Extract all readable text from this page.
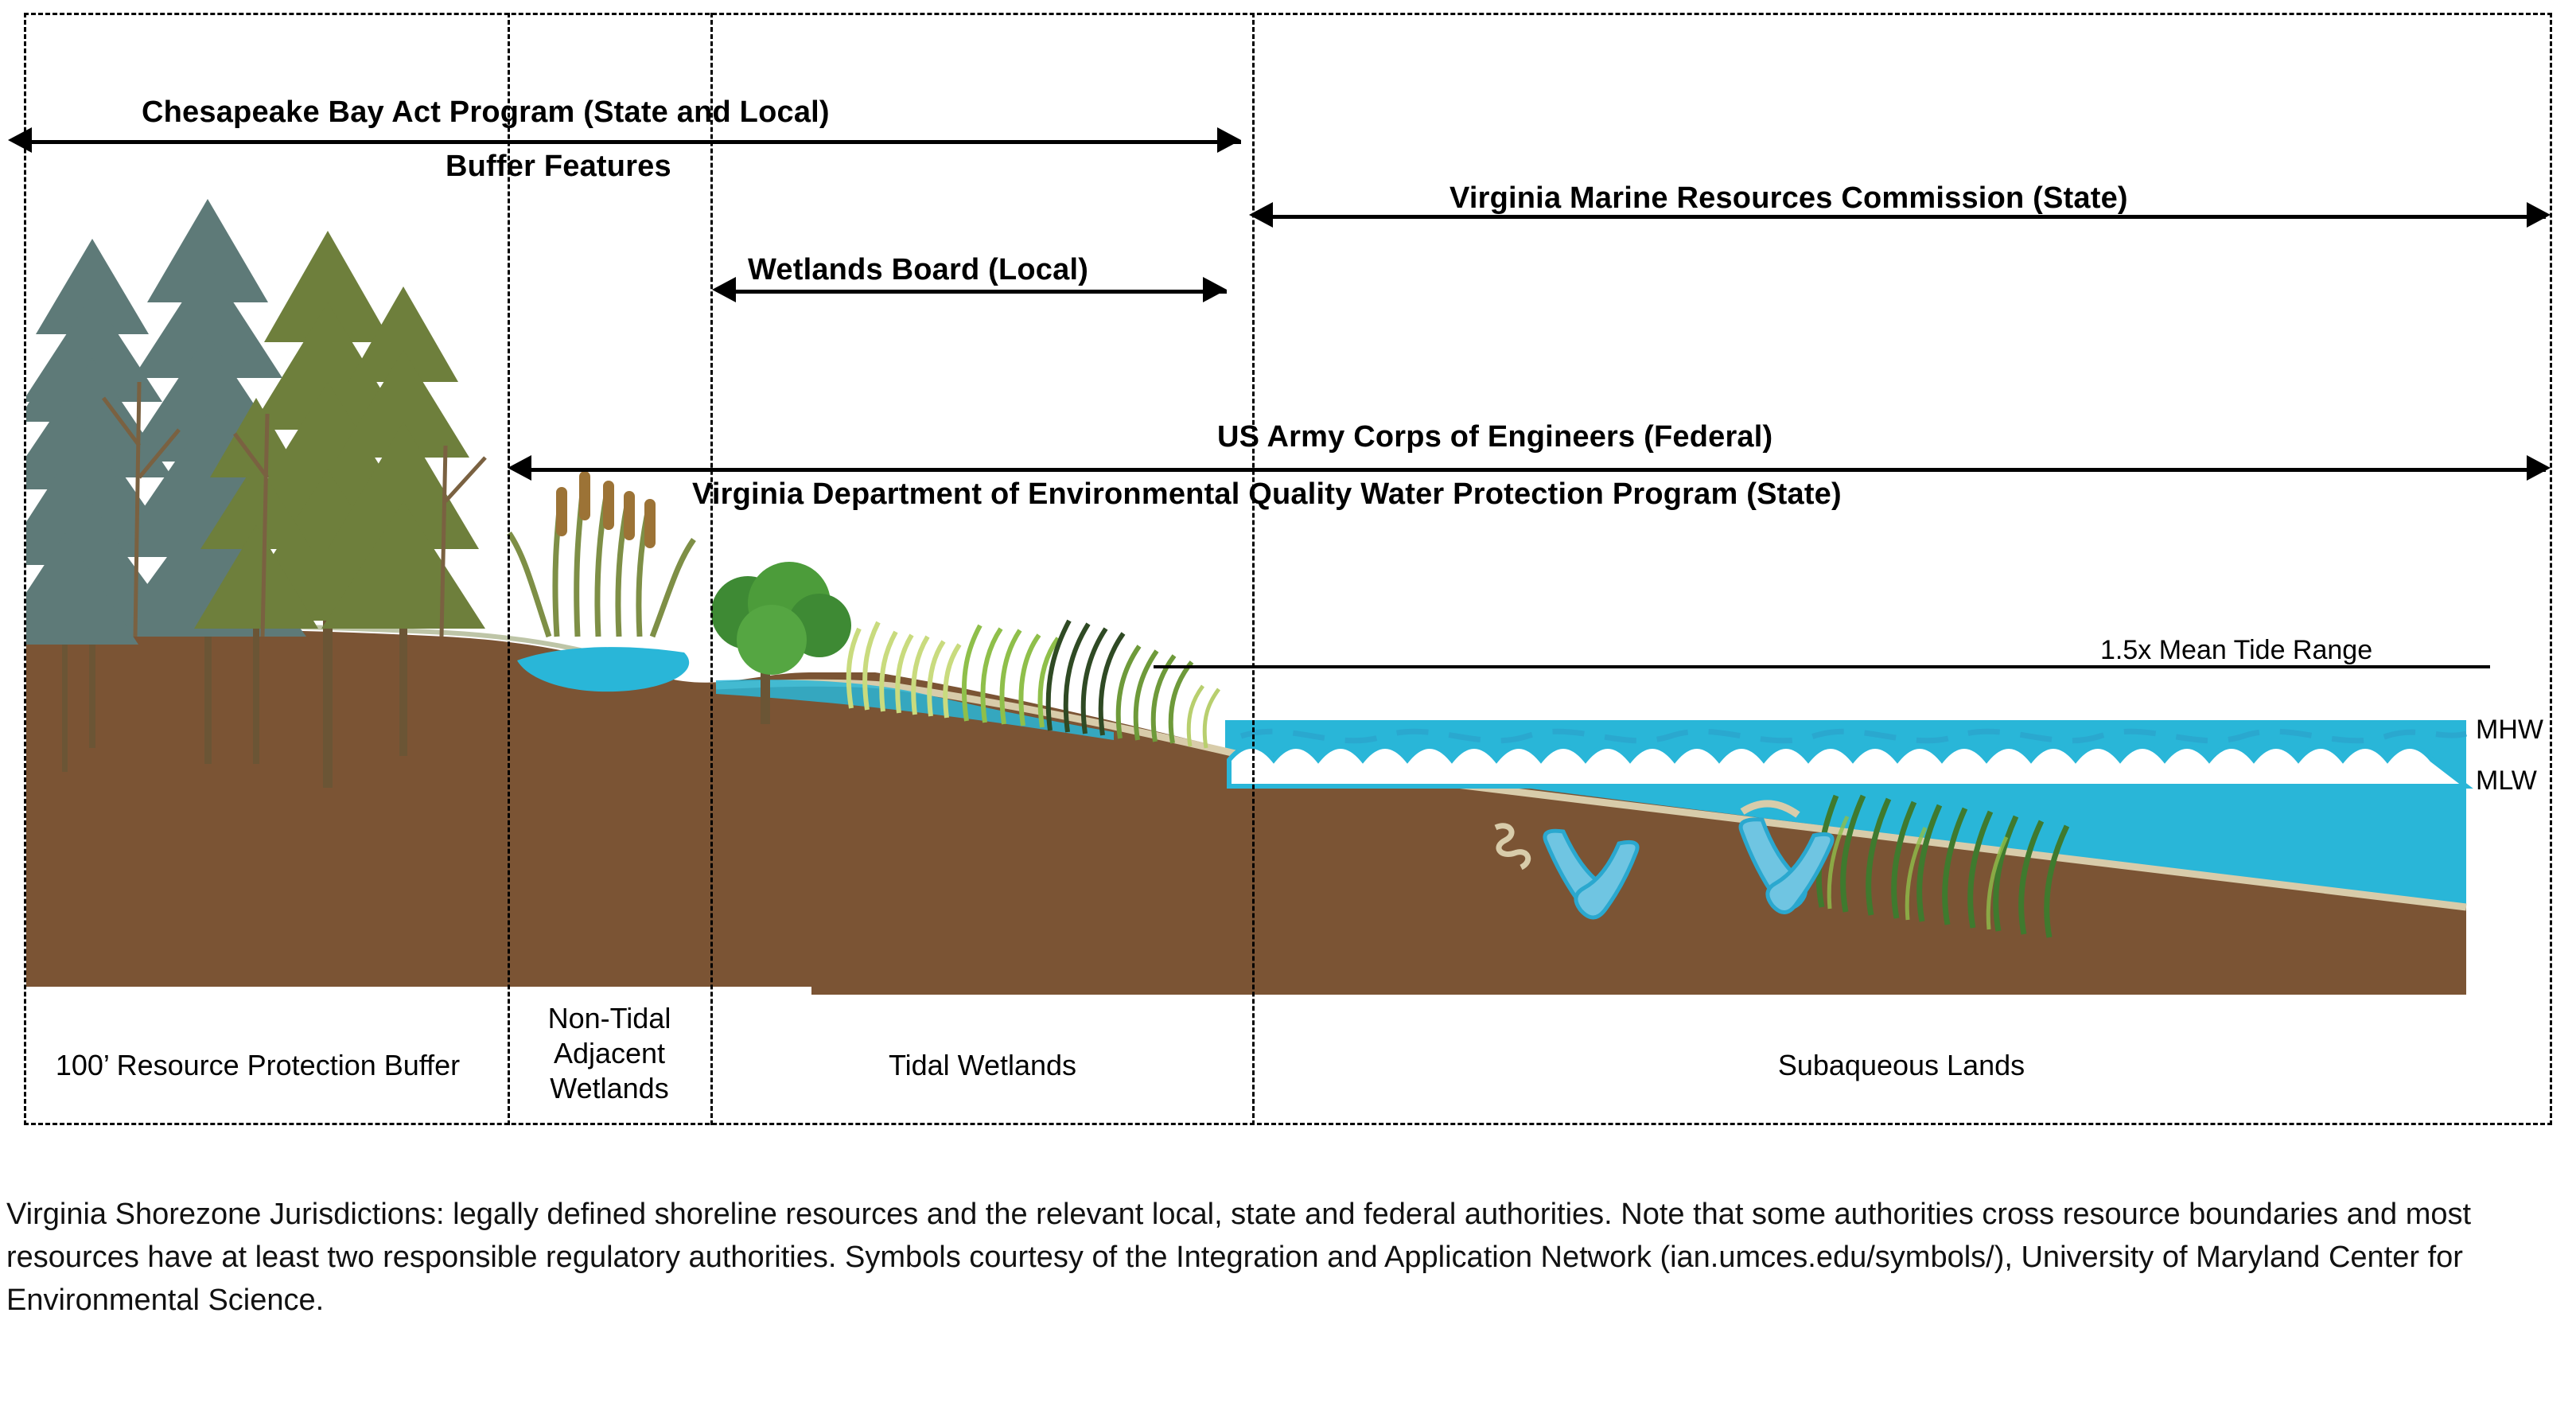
Chesapeake Bay Act Program (State and Local)
Buffer Features
Virginia Marine Resources Commission (State)
Wetlands Board (Local)
US Army Corps of Engineers (Federal)
Virginia Department of Environmental Quality Water Protection Program (State)
1.5x Mean Tide Range
MHW
MLW
100’ Resource Protection Buffer
Non-Tidal
Adjacent
Wetlands
Tidal Wetlands	Subaqueous Lands
Virginia Shorezone Jurisdictions: legally defined shoreline resources and the relevant local, state and federal authorities. Note that some authorities cross resource boundaries and most resources have at least two responsible regulatory authorities. Symbols courtesy of the Integration and Application Network (ian.umces.edu/symbols/), University of Maryland Center for Environmental Science.
